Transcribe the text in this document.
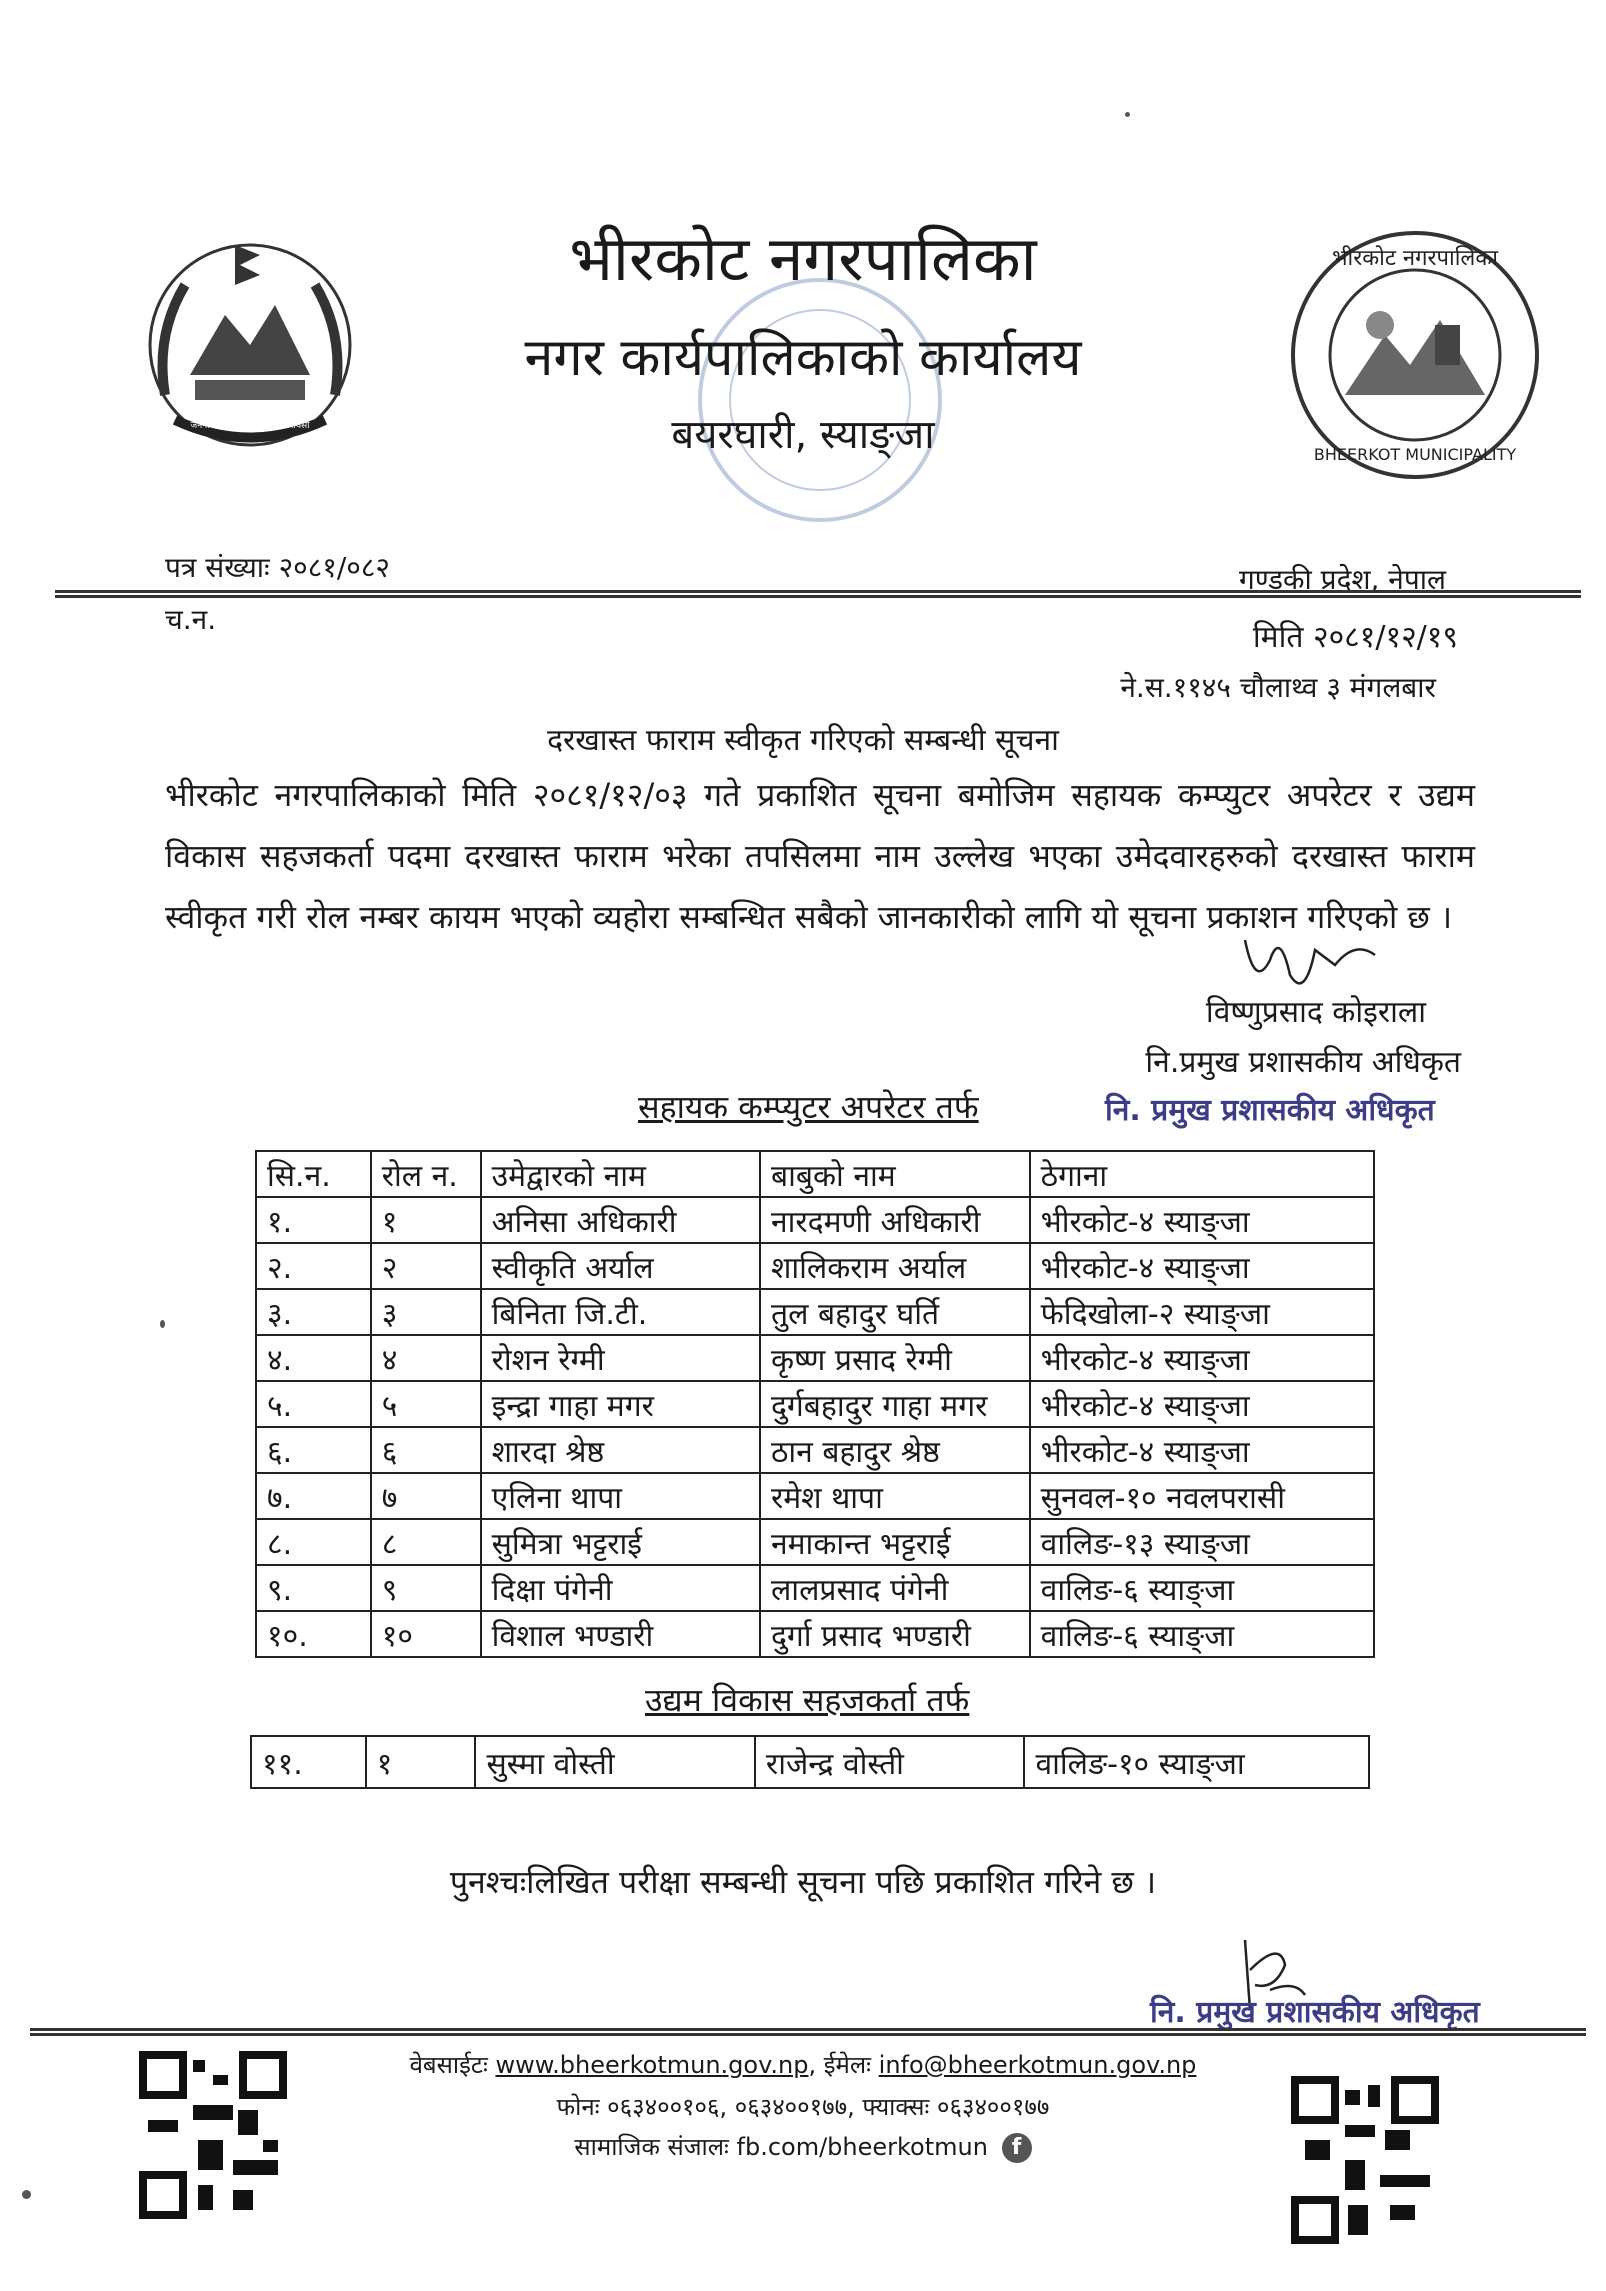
जननी जन्मभूमिश्च स्वर्गादपि गरीयसी
भीरकोट नगरपालिका
BHEERKOT MUNICIPALITY
भीरकोट नगरपालिका
नगर कार्यपालिकाको कार्यालय
बयरघारी, स्याङ्जा
पत्र संख्याः २०८१/०८२	गण्डकी प्रदेश, नेपाल
च.न.
मिति २०८१/१२/१९
ने.स.११४५ चौलाथ्व ३ मंगलबार
दरखास्त फाराम स्वीकृत गरिएको सम्बन्धी सूचना
भीरकोट नगरपालिकाको मिति २०८१/१२/०३ गते प्रकाशित सूचना बमोजिम सहायक कम्प्युटर अपरेटर र उद्यम विकास सहजकर्ता पदमा दरखास्त फाराम भरेका तपसिलमा नाम उल्लेख भएका उमेदवारहरुको दरखास्त फाराम स्वीकृत गरी रोल नम्बर कायम भएको व्यहोरा सम्बन्धित सबैको जानकारीको लागि यो सूचना प्रकाशन गरिएको छ ।
विष्णुप्रसाद कोइराला
नि.प्रमुख प्रशासकीय अधिकृत
नि. प्रमुख प्रशासकीय अधिकृत
सहायक कम्प्युटर अपरेटर तर्फ
सि.न.	रोल न.	उमेद्वारको नाम	बाबुको नाम	ठेगाना
१.	१	अनिसा अधिकारी	नारदमणी अधिकारी	भीरकोट-४ स्याङ्जा
२.	२	स्वीकृति अर्याल	शालिकराम अर्याल	भीरकोट-४ स्याङ्जा
३.	३	बिनिता जि.टी.	तुल बहादुर घर्ति	फेदिखोला-२ स्याङ्जा
४.	४	रोशन रेग्मी	कृष्ण प्रसाद रेग्मी	भीरकोट-४ स्याङ्जा
५.	५	इन्द्रा गाहा मगर	दुर्गबहादुर गाहा मगर	भीरकोट-४ स्याङ्जा
६.	६	शारदा श्रेष्ठ	ठान बहादुर श्रेष्ठ	भीरकोट-४ स्याङ्जा
७.	७	एलिना थापा	रमेश थापा	सुनवल-१० नवलपरासी
८.	८	सुमित्रा भट्टराई	नमाकान्त भट्टराई	वालिङ-१३ स्याङ्जा
९.	९	दिक्षा पंगेनी	लालप्रसाद पंगेनी	वालिङ-६ स्याङ्जा
१०.	१०	विशाल भण्डारी	दुर्गा प्रसाद भण्डारी	वालिङ-६ स्याङ्जा
उद्यम विकास सहजकर्ता तर्फ
११.	१	सुस्मा वोस्ती	राजेन्द्र वोस्ती	वालिङ-१० स्याङ्जा
पुनश्चःलिखित परीक्षा सम्बन्धी सूचना पछि प्रकाशित गरिने छ ।
नि. प्रमुख प्रशासकीय अधिकृत
वेबसाईटः www.bheerkotmun.gov.np, ईमेलः info@bheerkotmun.gov.np
फोनः ०६३४००१०६, ०६३४००१७७, फ्याक्सः ०६३४००१७७
सामाजिक संजालः fb.com/bheerkotmun f
